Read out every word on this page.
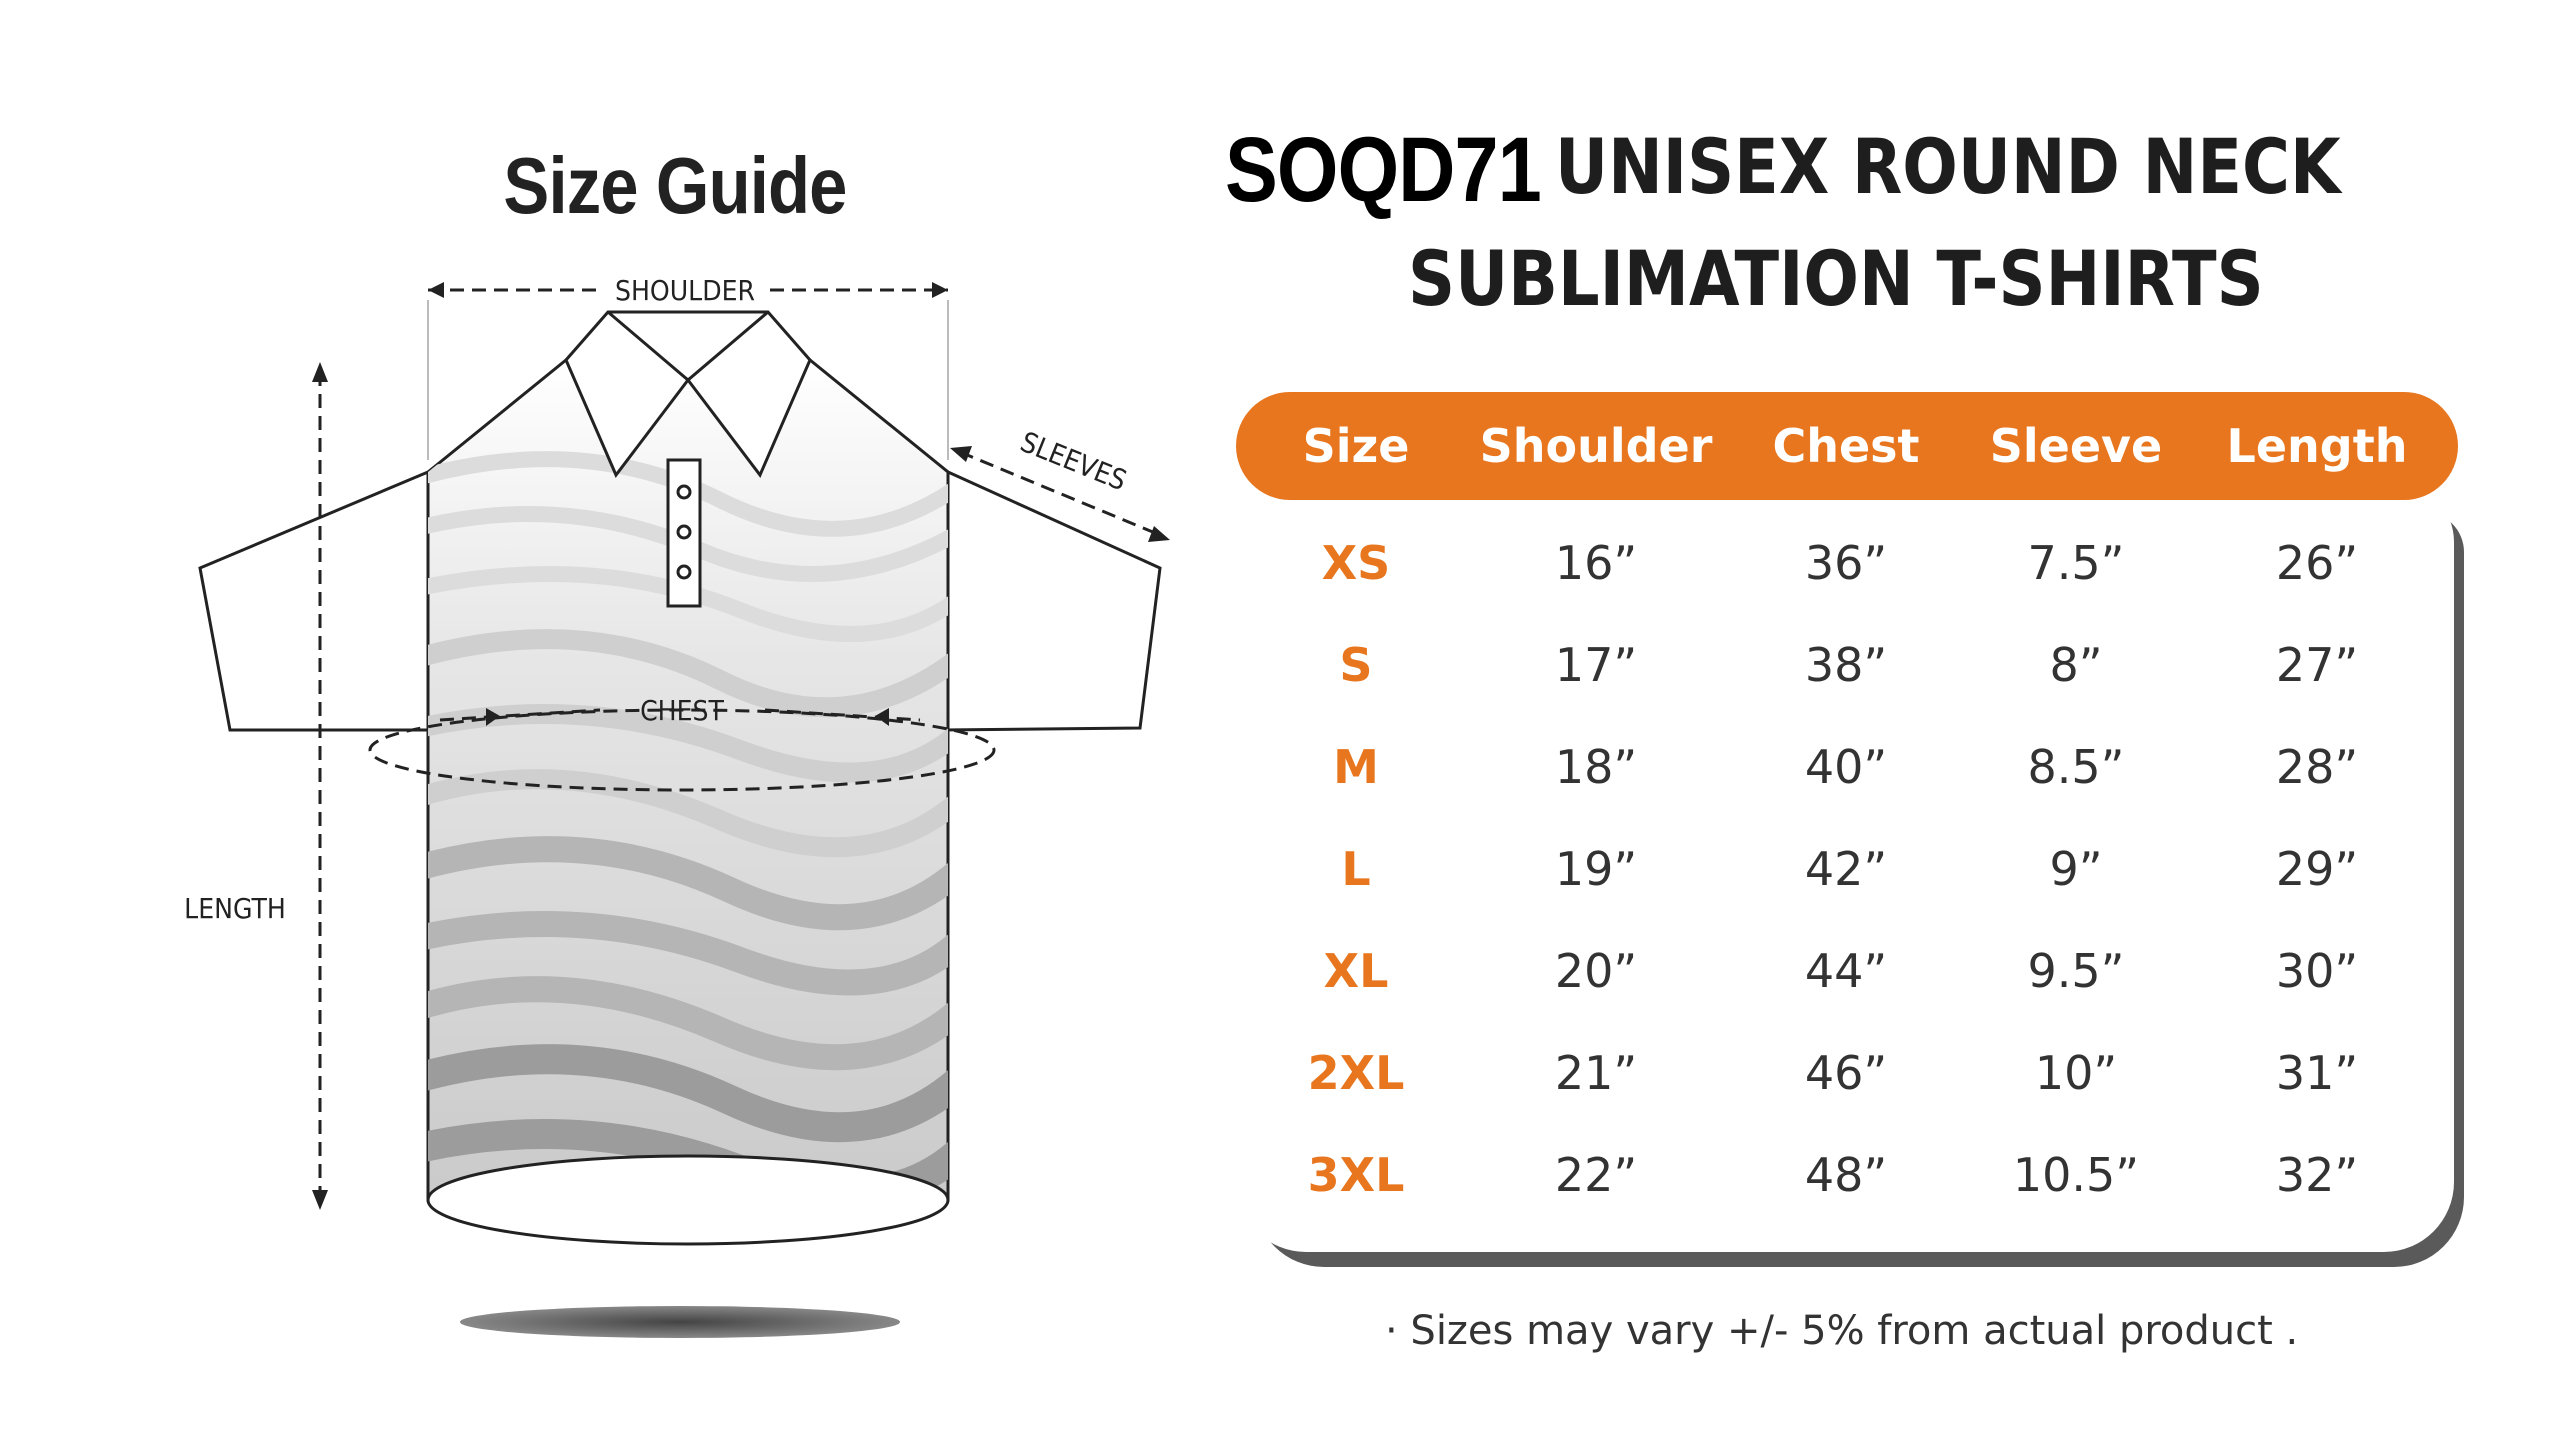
Size Guide
SHOULDER
SLEEVES
CHEST
LENGTH
SOQD71 UNISEX ROUND NECK
SUBLIMATION T-SHIRTS
Size	Shoulder	Chest	Sleeve	Length
XS	16”	36”	7.5”	26”
S	17”	38”	8”	27”
M	18”	40”	8.5”	28”
L	19”	42”	9”	29”
XL	20”	44”	9.5”	30”
2XL	21”	46”	10”	31”
3XL	22”	48”	10.5”	32”
· Sizes may vary +/- 5% from actual product .
